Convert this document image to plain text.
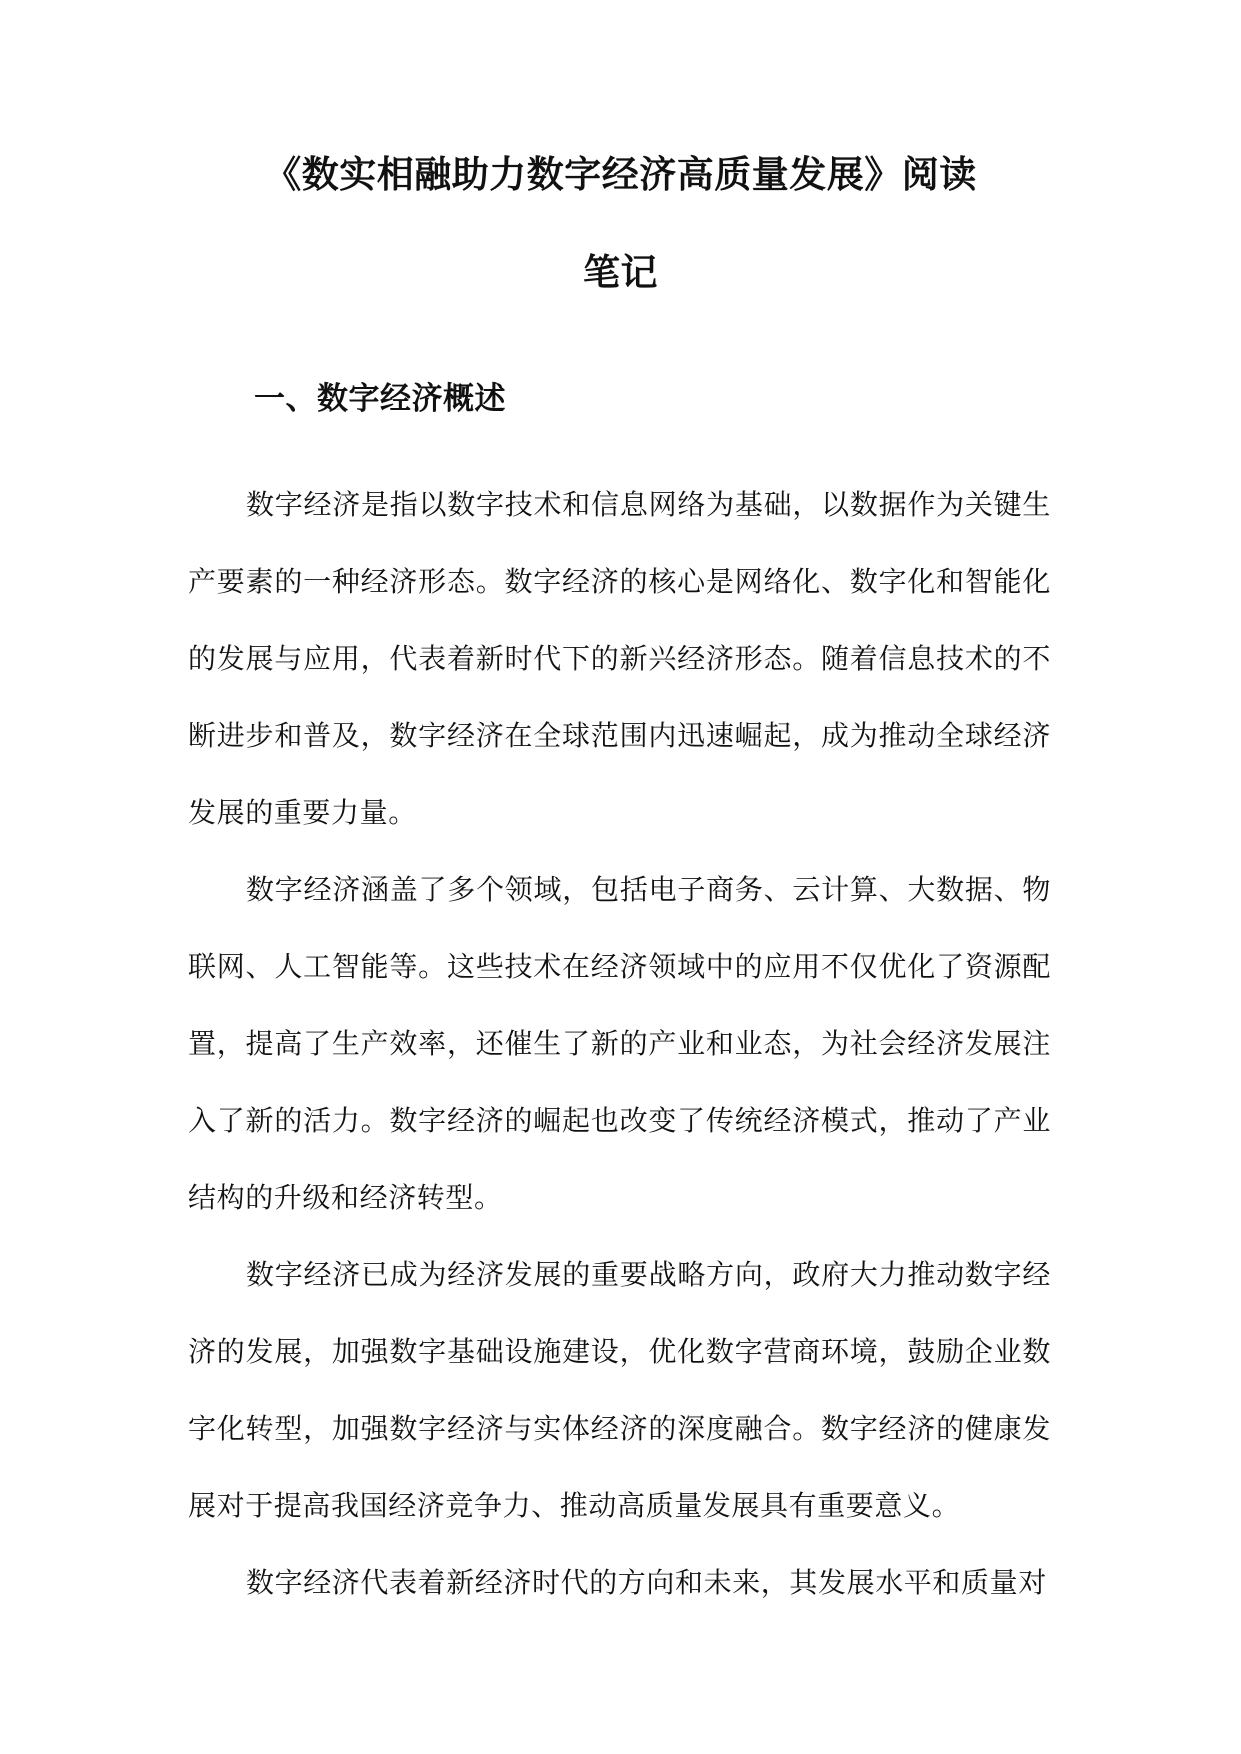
《数实相融助力数字经济高质量发展》阅读
笔记
一、数字经济概述

数字经济是指以数字技术和信息网络为基础，以数据作为关键生产要素的一种经济形态。数字经济的核心是网络化、数字化和智能化的发展与应用，代表着新时代下的新兴经济形态。随着信息技术的不断进步和普及，数字经济在全球范围内迅速崛起，成为推动全球经济发展的重要力量。

数字经济涵盖了多个领域，包括电子商务、云计算、大数据、物联网、人工智能等。这些技术在经济领域中的应用不仅优化了资源配置，提高了生产效率，还催生了新的产业和业态，为社会经济发展注入了新的活力。数字经济的崛起也改变了传统经济模式，推动了产业结构的升级和经济转型。

数字经济已成为经济发展的重要战略方向，政府大力推动数字经济的发展，加强数字基础设施建设，优化数字营商环境，鼓励企业数字化转型，加强数字经济与实体经济的深度融合。数字经济的健康发展对于提高我国经济竞争力、推动高质量发展具有重要意义。

数字经济代表着新经济时代的方向和未来，其发展水平和质量对
